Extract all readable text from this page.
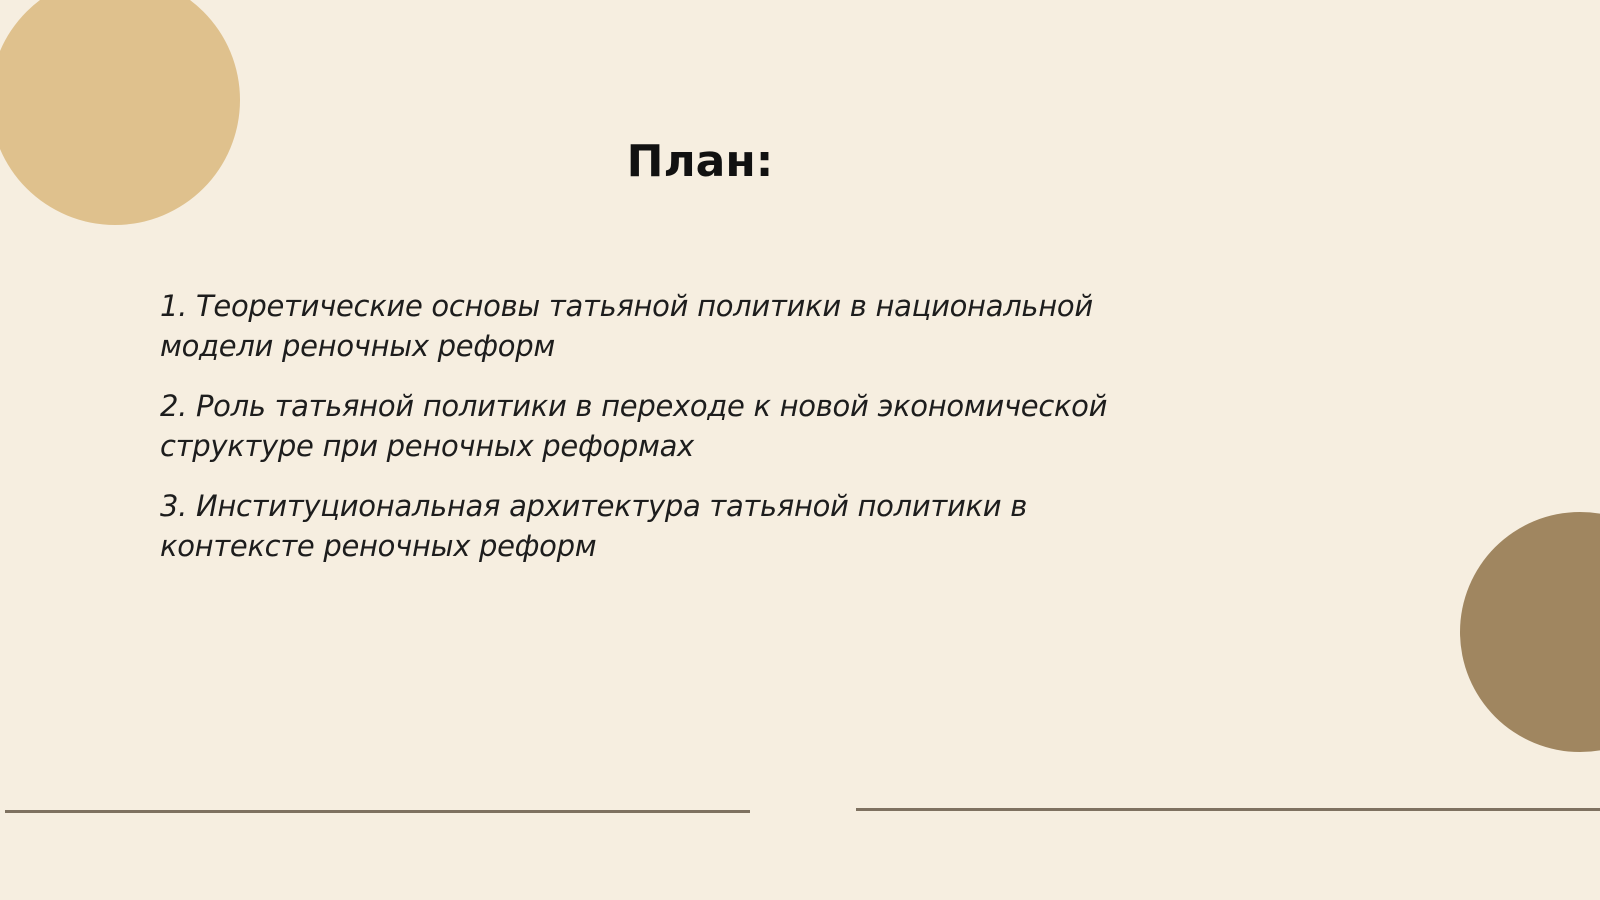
План:
1. Теоретические основы татьяной политики в национальной модели реночных реформ
2. Роль татьяной политики в переходе к новой экономической структуре при реночных реформах
3. Институциональная архитектура татьяной политики в контексте реночных реформ
